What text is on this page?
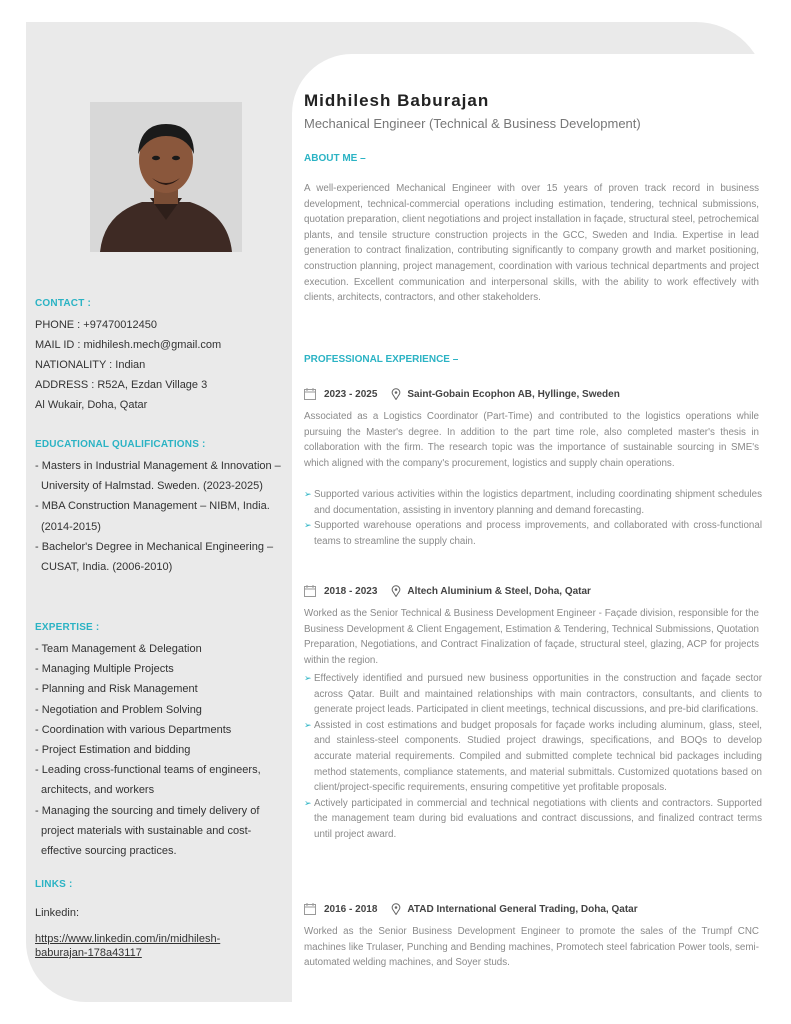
CONTACT :
PHONE : +97470012450
MAIL ID : midhilesh.mech@gmail.com
NATIONALITY : Indian
ADDRESS : R52A, Ezdan Village 3
Al Wukair, Doha, Qatar
EDUCATIONAL QUALIFICATIONS :
- Masters in Industrial Management & Innovation – University of Halmstad. Sweden. (2023-2025)
- MBA Construction Management – NIBM, India. (2014-2015)
- Bachelor's Degree in Mechanical Engineering – CUSAT, India. (2006-2010)
EXPERTISE :
- Team Management & Delegation
- Managing Multiple Projects
- Planning and Risk Management
- Negotiation and Problem Solving
- Coordination with various Departments
- Project Estimation and bidding
- Leading cross-functional teams of engineers, architects, and workers
- Managing the sourcing and timely delivery of project materials with sustainable and cost-effective sourcing practices.
LINKS :
Linkedin:
https://www.linkedin.com/in/midhilesh-baburajan-178a43117
Midhilesh Baburajan
Mechanical Engineer (Technical & Business Development)
ABOUT ME –

A well-experienced Mechanical Engineer with over 15 years of proven track record in business development, technical-commercial operations including estimation, tendering, technical submissions, quotation preparation, client negotiations and project installation in façade, structural steel, petrochemical plants, and tensile structure construction projects in the GCC, Sweden and India. Expertise in lead generation to contract finalization, contributing significantly to company growth and market positioning, construction planning, project management, coordination with various technical departments and project execution. Excellent communication and interpersonal skills, with the ability to work effectively with clients, architects, contractors, and other stakeholders.

PROFESSIONAL EXPERIENCE –
2023 - 2025	Saint-Gobain Ecophon AB, Hyllinge, Sweden

Associated as a Logistics Coordinator (Part-Time) and contributed to the logistics operations while pursuing the Master's degree. In addition to the part time role, also completed master's thesis in collaboration with the firm. The research topic was the importance of sustainable sourcing in SME's which aligned with the company's procurement, logistics and supply chain operations.

➢ Supported various activities within the logistics department, including coordinating shipment schedules and documentation, assisting in inventory planning and demand forecasting.
➢ Supported warehouse operations and process improvements, and collaborated with cross-functional teams to streamline the supply chain.
2018 - 2023	Altech Aluminium & Steel, Doha, Qatar

Worked as the Senior Technical & Business Development Engineer - Façade division, responsible for the Business Development & Client Engagement, Estimation & Tendering, Technical Submissions, Quotation Preparation, Negotiations, and Contract Finalization of façade, structural steel, glazing, ACP for projects within the region.

➢ Effectively identified and pursued new business opportunities in the construction and façade sector across Qatar. Built and maintained relationships with main contractors, consultants, and clients to generate project leads. Participated in client meetings, technical discussions, and pre-bid clarifications.
➢ Assisted in cost estimations and budget proposals for façade works including aluminum, glass, steel, and stainless-steel components. Studied project drawings, specifications, and BOQs to develop accurate material requirements. Compiled and submitted complete technical bid packages including method statements, compliance statements, and material submittals. Customized quotations based on client/project-specific requirements, ensuring competitive yet profitable proposals.
➢ Actively participated in commercial and technical negotiations with clients and contractors. Supported the management team during bid evaluations and contract discussions, and finalized contract terms until project award.
2016 - 2018	ATAD International General Trading, Doha, Qatar

Worked as the Senior Business Development Engineer to promote the sales of the Trumpf CNC machines like Trulaser, Punching and Bending machines, Promotech steel fabrication Power tools, semi-automated welding machines, and Soyer studs.
